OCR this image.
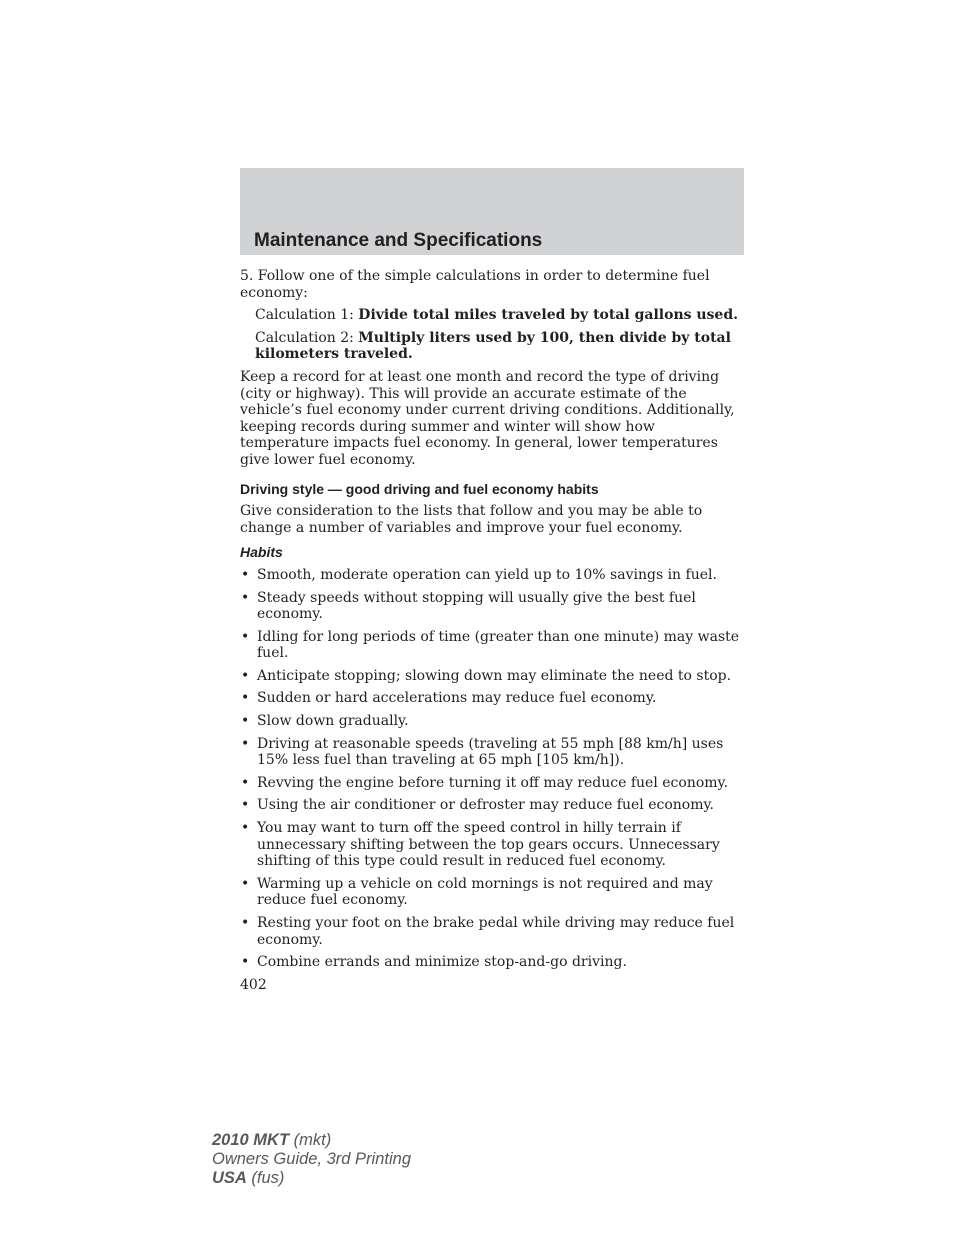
Maintenance and Specifications

5. Follow one of the simple calculations in order to determine fuel economy:

Calculation 1: Divide total miles traveled by total gallons used.

Calculation 2: Multiply liters used by 100, then divide by total kilometers traveled.

Keep a record for at least one month and record the type of driving (city or highway). This will provide an accurate estimate of the vehicle’s fuel economy under current driving conditions. Additionally, keeping records during summer and winter will show how temperature impacts fuel economy. In general, lower temperatures give lower fuel economy.

Driving style — good driving and fuel economy habits

Give consideration to the lists that follow and you may be able to change a number of variables and improve your fuel economy.

Habits
• Smooth, moderate operation can yield up to 10% savings in fuel.
• Steady speeds without stopping will usually give the best fuel economy.
• Idling for long periods of time (greater than one minute) may waste fuel.
• Anticipate stopping; slowing down may eliminate the need to stop.
• Sudden or hard accelerations may reduce fuel economy.
• Slow down gradually.
• Driving at reasonable speeds (traveling at 55 mph [88 km/h] uses 15% less fuel than traveling at 65 mph [105 km/h]).
• Revving the engine before turning it off may reduce fuel economy.
• Using the air conditioner or defroster may reduce fuel economy.
• You may want to turn off the speed control in hilly terrain if unnecessary shifting between the top gears occurs. Unnecessary shifting of this type could result in reduced fuel economy.
• Warming up a vehicle on cold mornings is not required and may reduce fuel economy.
• Resting your foot on the brake pedal while driving may reduce fuel economy.
• Combine errands and minimize stop-and-go driving.

402

2010 MKT (mkt)
Owners Guide, 3rd Printing
USA (fus)
